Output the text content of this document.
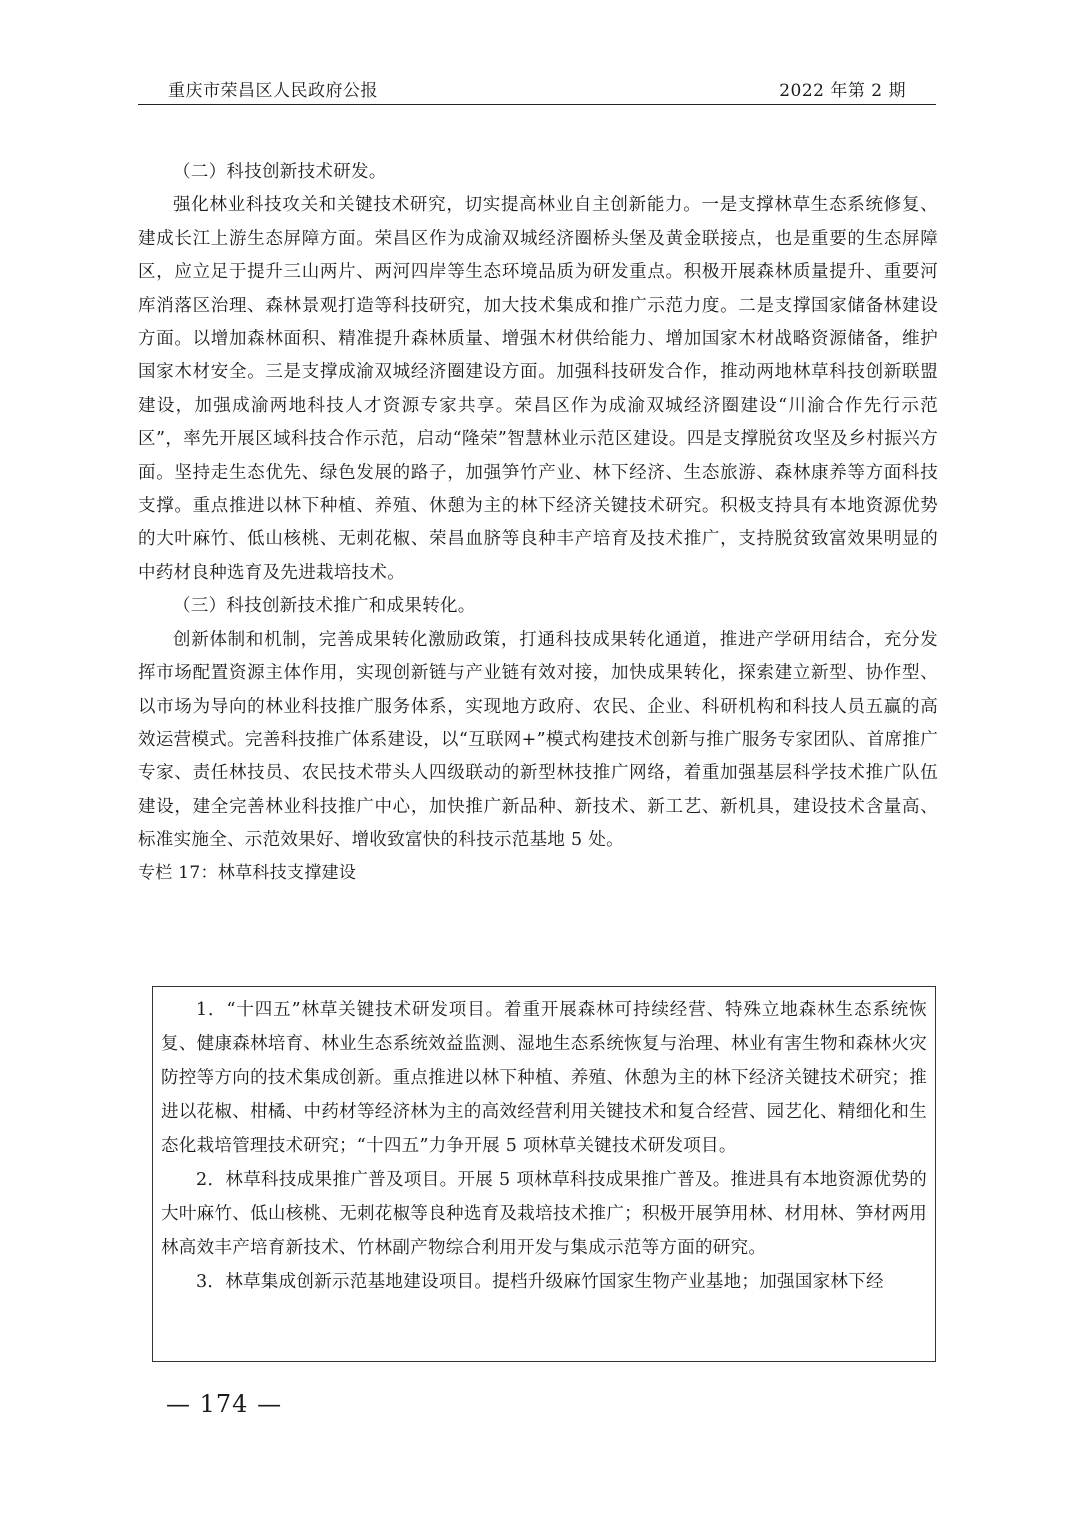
重庆市荣昌区人民政府公报	2022 年第 2 期

（二）科技创新技术研发。

强化林业科技攻关和关键技术研究，切实提高林业自主创新能力。一是支撑林草生态系统修复、建成长江上游生态屏障方面。荣昌区作为成渝双城经济圈桥头堡及黄金联接点，也是重要的生态屏障区，应立足于提升三山两片、两河四岸等生态环境品质为研发重点。积极开展森林质量提升、重要河库消落区治理、森林景观打造等科技研究，加大技术集成和推广示范力度。二是支撑国家储备林建设方面。以增加森林面积、精准提升森林质量、增强木材供给能力、增加国家木材战略资源储备，维护国家木材安全。三是支撑成渝双城经济圈建设方面。加强科技研发合作，推动两地林草科技创新联盟建设，加强成渝两地科技人才资源专家共享。荣昌区作为成渝双城经济圈建设“川渝合作先行示范区”，率先开展区域科技合作示范，启动“隆荣”智慧林业示范区建设。四是支撑脱贫攻坚及乡村振兴方面。坚持走生态优先、绿色发展的路子，加强笋竹产业、林下经济、生态旅游、森林康养等方面科技支撑。重点推进以林下种植、养殖、休憩为主的林下经济关键技术研究。积极支持具有本地资源优势的大叶麻竹、低山核桃、无刺花椒、荣昌血脐等良种丰产培育及技术推广，支持脱贫致富效果明显的中药材良种选育及先进栽培技术。

（三）科技创新技术推广和成果转化。

创新体制和机制，完善成果转化激励政策，打通科技成果转化通道，推进产学研用结合，充分发挥市场配置资源主体作用，实现创新链与产业链有效对接，加快成果转化，探索建立新型、协作型、以市场为导向的林业科技推广服务体系，实现地方政府、农民、企业、科研机构和科技人员五赢的高效运营模式。完善科技推广体系建设，以“互联网+”模式构建技术创新与推广服务专家团队、首席推广专家、责任林技员、农民技术带头人四级联动的新型林技推广网络，着重加强基层科学技术推广队伍建设，建全完善林业科技推广中心，加快推广新品种、新技术、新工艺、新机具，建设技术含量高、标准实施全、示范效果好、增收致富快的科技示范基地 5 处。

专栏 17：林草科技支撑建设

1．“十四五”林草关键技术研发项目。着重开展森林可持续经营、特殊立地森林生态系统恢复、健康森林培育、林业生态系统效益监测、湿地生态系统恢复与治理、林业有害生物和森林火灾防控等方向的技术集成创新。重点推进以林下种植、养殖、休憩为主的林下经济关键技术研究；推进以花椒、柑橘、中药材等经济林为主的高效经营利用关键技术和复合经营、园艺化、精细化和生态化栽培管理技术研究；“十四五”力争开展 5 项林草关键技术研发项目。

2．林草科技成果推广普及项目。开展 5 项林草科技成果推广普及。推进具有本地资源优势的大叶麻竹、低山核桃、无刺花椒等良种选育及栽培技术推广；积极开展笋用林、材用林、笋材两用林高效丰产培育新技术、竹林副产物综合利用开发与集成示范等方面的研究。

3．林草集成创新示范基地建设项目。提档升级麻竹国家生物产业基地；加强国家林下经

— 174 —
